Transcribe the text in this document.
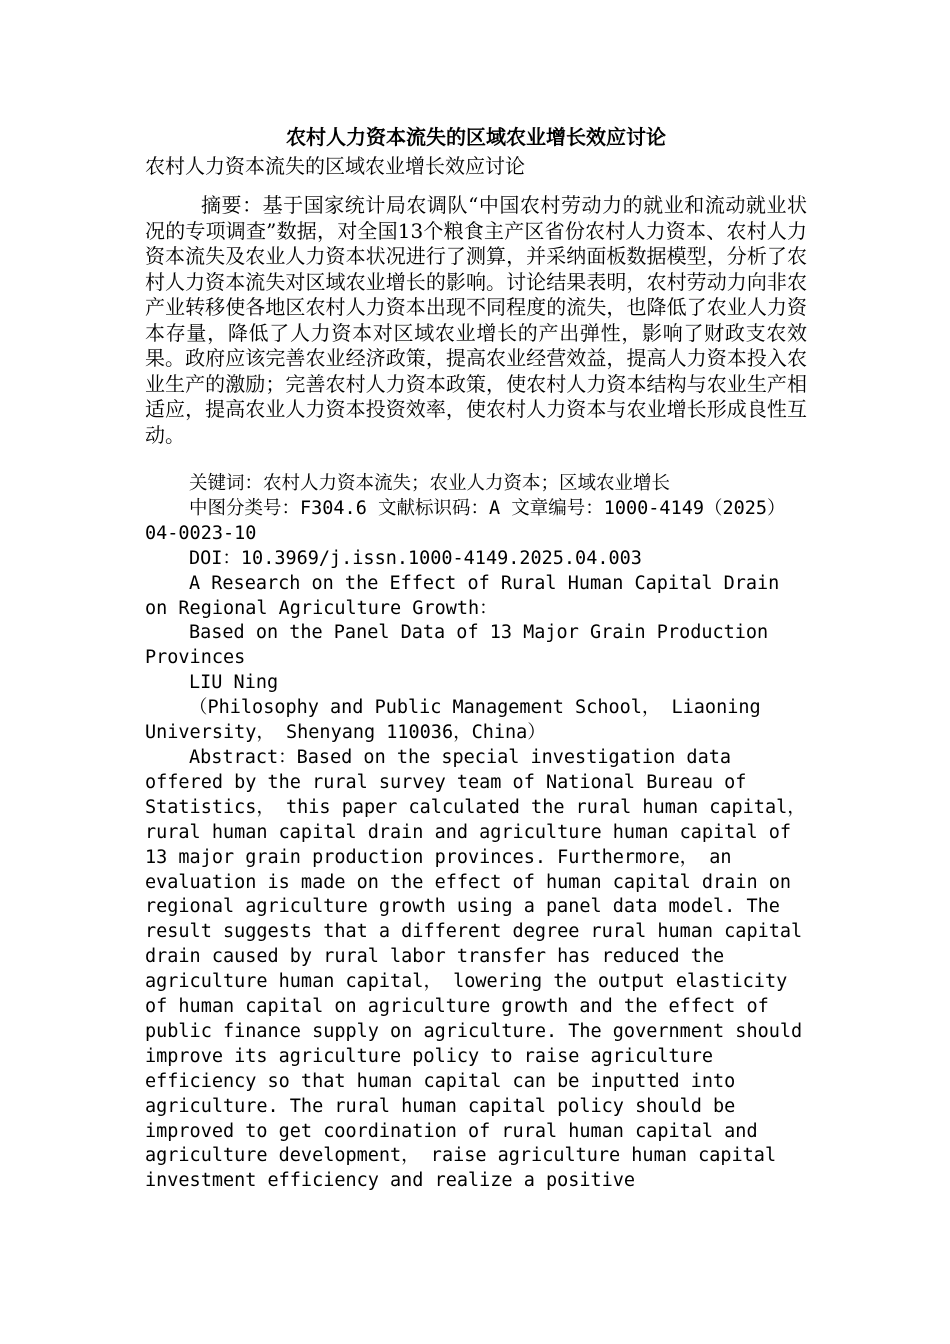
农村人力资本流失的区域农业增长效应讨论

农村人力资本流失的区域农业增长效应讨论

摘要：基于国家统计局农调队“中国农村劳动力的就业和流动就业状况的专项调查”数据，对全国13个粮食主产区省份农村人力资本、农村人力资本流失及农业人力资本状况进行了测算，并采纳面板数据模型，分析了农村人力资本流失对区域农业增长的影响。讨论结果表明，农村劳动力向非农产业转移使各地区农村人力资本出现不同程度的流失，也降低了农业人力资本存量，降低了人力资本对区域农业增长的产出弹性，影响了财政支农效果。政府应该完善农业经济政策，提高农业经营效益，提高人力资本投入农业生产的激励；完善农村人力资本政策，使农村人力资本结构与农业生产相适应，提高农业人力资本投资效率，使农村人力资本与农业增长形成良性互动。

关键词：农村人力资本流失；农业人力资本；区域农业增长

中图分类号：F304.6 文献标识码：A 文章编号：1000-4149（2025）04-0023-10

DOI：10.3969/j.issn.1000-4149.2025.04.003

A Research on the Effect of Rural Human Capital Drain on Regional Agriculture Growth：

Based on the Panel Data of 13 Major Grain Production Provinces

LIU Ning

（Philosophy and Public Management School， Liaoning University， Shenyang 110036，China）

Abstract：Based on the special investigation data offered by the rural survey team of National Bureau of Statistics， this paper calculated the rural human capital， rural human capital drain and agriculture human capital of 13 major grain production provinces. Furthermore， an evaluation is made on the effect of human capital drain on regional agriculture growth using a panel data model. The result suggests that a different degree rural human capital drain caused by rural labor transfer has reduced the agriculture human capital， lowering the output elasticity of human capital on agriculture growth and the effect of public finance supply on agriculture. The government should improve its agriculture policy to raise agriculture efficiency so that human capital can be inputted into agriculture. The rural human capital policy should be improved to get coordination of rural human capital and agriculture development， raise agriculture human capital investment efficiency and realize a positive
